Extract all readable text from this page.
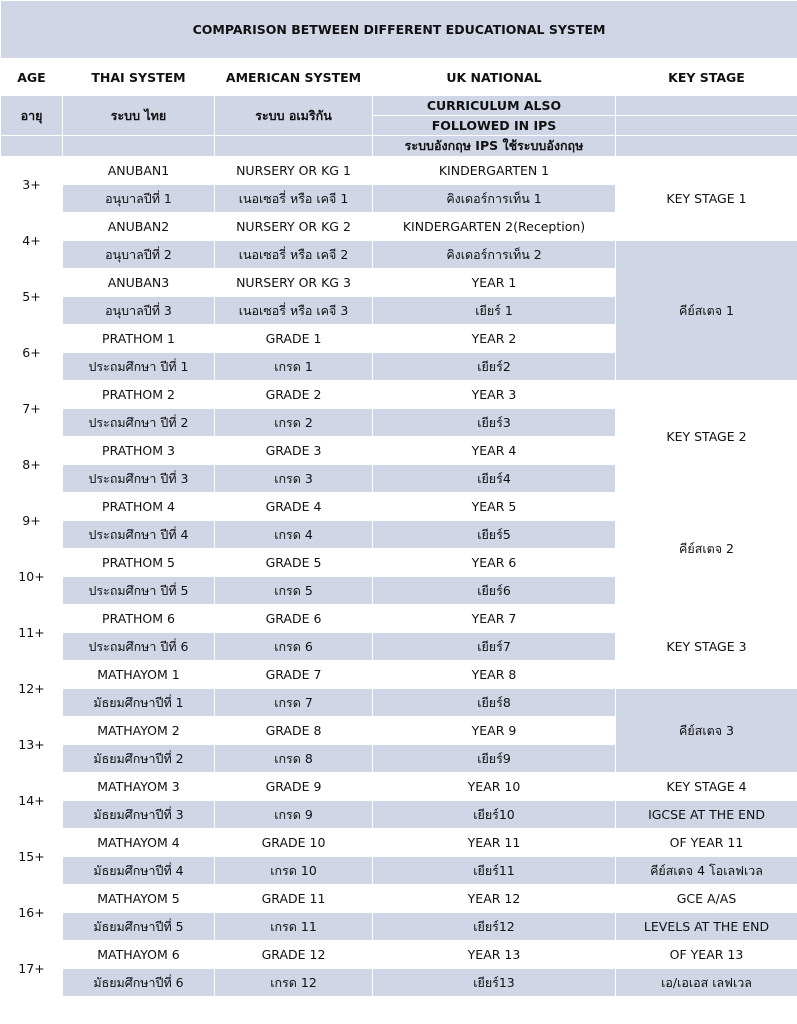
COMPARISON BETWEEN DIFFERENT EDUCATIONAL SYSTEM				
AGE	THAI SYSTEM	AMERICAN SYSTEM	UK NATIONAL	KEY STAGE
อายุ	ระบบ ไทย	ระบบ อเมริกัน	CURRICULUM ALSO	
			FOLLOWED IN IPS	
			ระบบอังกฤษ IPS ใช้ระบบอังกฤษ	
3+	ANUBAN1	NURSERY OR KG 1	KINDERGARTEN 1	KEY STAGE 1
	อนุบาลปีที่ 1	เนอเซอรี่ หรือ เคจี 1	คิงเดอร์การเท็น 1	
4+	ANUBAN2	NURSERY OR KG 2	KINDERGARTEN 2(Reception)	
	อนุบาลปีที่ 2	เนอเซอรี่ หรือ เคจี 2	คิงเดอร์การเท็น 2	คีย์สเตจ 1
5+	ANUBAN3	NURSERY OR KG 3	YEAR 1	
	อนุบาลปีที่ 3	เนอเซอรี่ หรือ เคจี 3	เยียร์ 1	
6+	PRATHOM 1	GRADE 1	YEAR 2	
	ประถมศึกษา ปีที่ 1	เกรด 1	เยียร์2	
7+	PRATHOM 2	GRADE 2	YEAR 3	KEY STAGE 2
	ประถมศึกษา ปีที่ 2	เกรด 2	เยียร์3	
8+	PRATHOM 3	GRADE 3	YEAR 4	
	ประถมศึกษา ปีที่ 3	เกรด 3	เยียร์4	
9+	PRATHOM 4	GRADE 4	YEAR 5	คีย์สเตจ 2
	ประถมศึกษา ปีที่ 4	เกรด 4	เยียร์5	
10+	PRATHOM 5	GRADE 5	YEAR 6	
	ประถมศึกษา ปีที่ 5	เกรด 5	เยียร์6	
11+	PRATHOM 6	GRADE 6	YEAR 7	KEY STAGE 3
	ประถมศึกษา ปีที่ 6	เกรด 6	เยียร์7	
12+	MATHAYOM 1	GRADE 7	YEAR 8	
	มัธยมศึกษาปีที่ 1	เกรด 7	เยียร์8	คีย์สเตจ 3
13+	MATHAYOM 2	GRADE 8	YEAR 9	
	มัธยมศึกษาปีที่ 2	เกรด 8	เยียร์9	
14+	MATHAYOM 3	GRADE 9	YEAR 10	KEY STAGE 4
	มัธยมศึกษาปีที่ 3	เกรด 9	เยียร์10	IGCSE AT THE END
15+	MATHAYOM 4	GRADE 10	YEAR 11	OF YEAR 11
	มัธยมศึกษาปีที่ 4	เกรด 10	เยียร์11	คีย์สเตจ 4 โอเลฟเวล
16+	MATHAYOM 5	GRADE 11	YEAR 12	GCE A/AS
	มัธยมศึกษาปีที่ 5	เกรด 11	เยียร์12	LEVELS AT THE END
17+	MATHAYOM 6	GRADE 12	YEAR 13	OF YEAR 13
	มัธยมศึกษาปีที่ 6	เกรด 12	เยียร์13	เอ/เอเอส เลฟเวล
